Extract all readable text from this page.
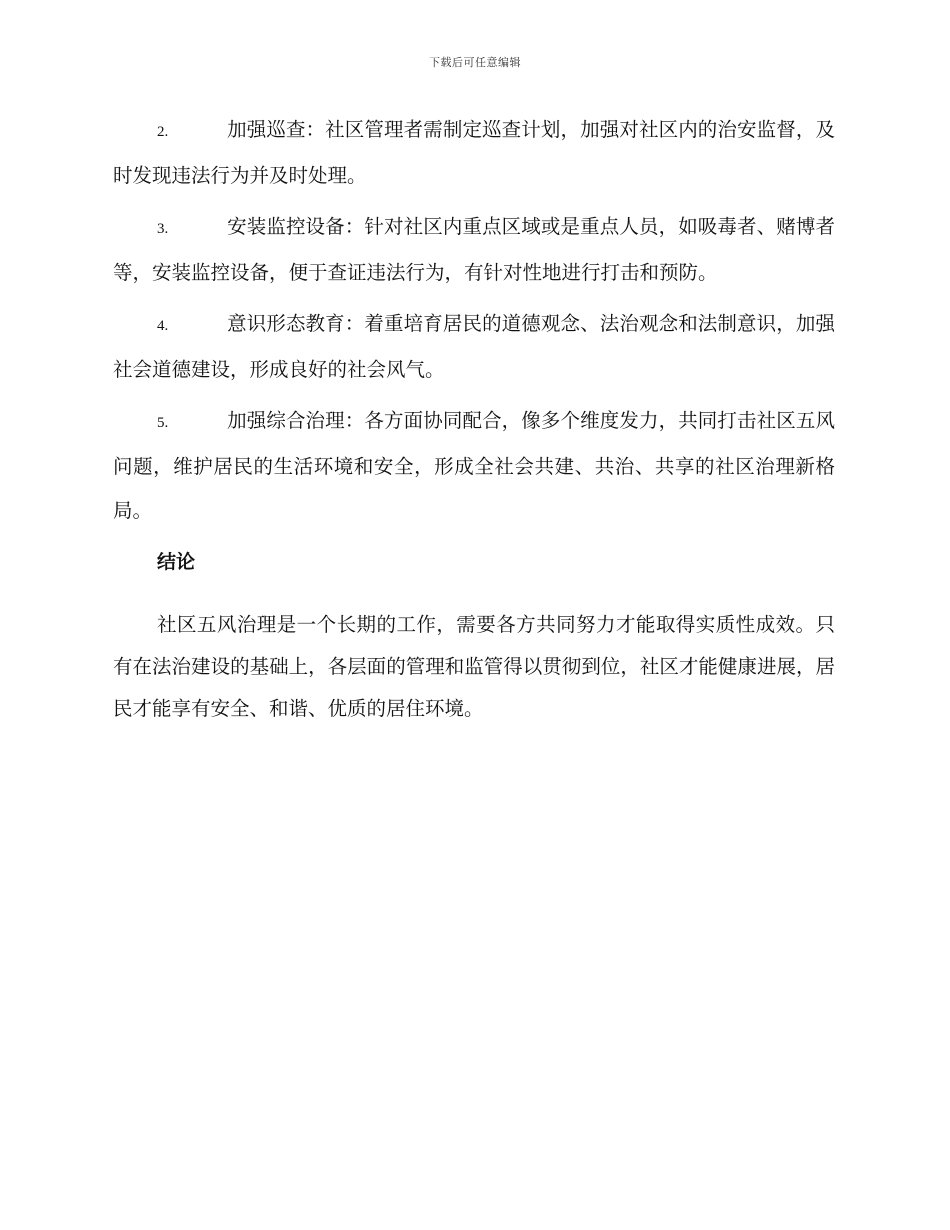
下载后可任意编辑

2.	加强巡查：社区管理者需制定巡查计划，加强对社区内的治安监督，及时发现违法行为并及时处理。

3.	安装监控设备：针对社区内重点区域或是重点人员，如吸毒者、赌博者等，安装监控设备，便于查证违法行为，有针对性地进行打击和预防。

4.	意识形态教育：着重培育居民的道德观念、法治观念和法制意识，加强社会道德建设，形成良好的社会风气。

5.	加强综合治理：各方面协同配合，像多个维度发力，共同打击社区五风问题，维护居民的生活环境和安全，形成全社会共建、共治、共享的社区治理新格局。

结论

社区五风治理是一个长期的工作，需要各方共同努力才能取得实质性成效。只有在法治建设的基础上，各层面的管理和监管得以贯彻到位，社区才能健康进展，居民才能享有安全、和谐、优质的居住环境。
